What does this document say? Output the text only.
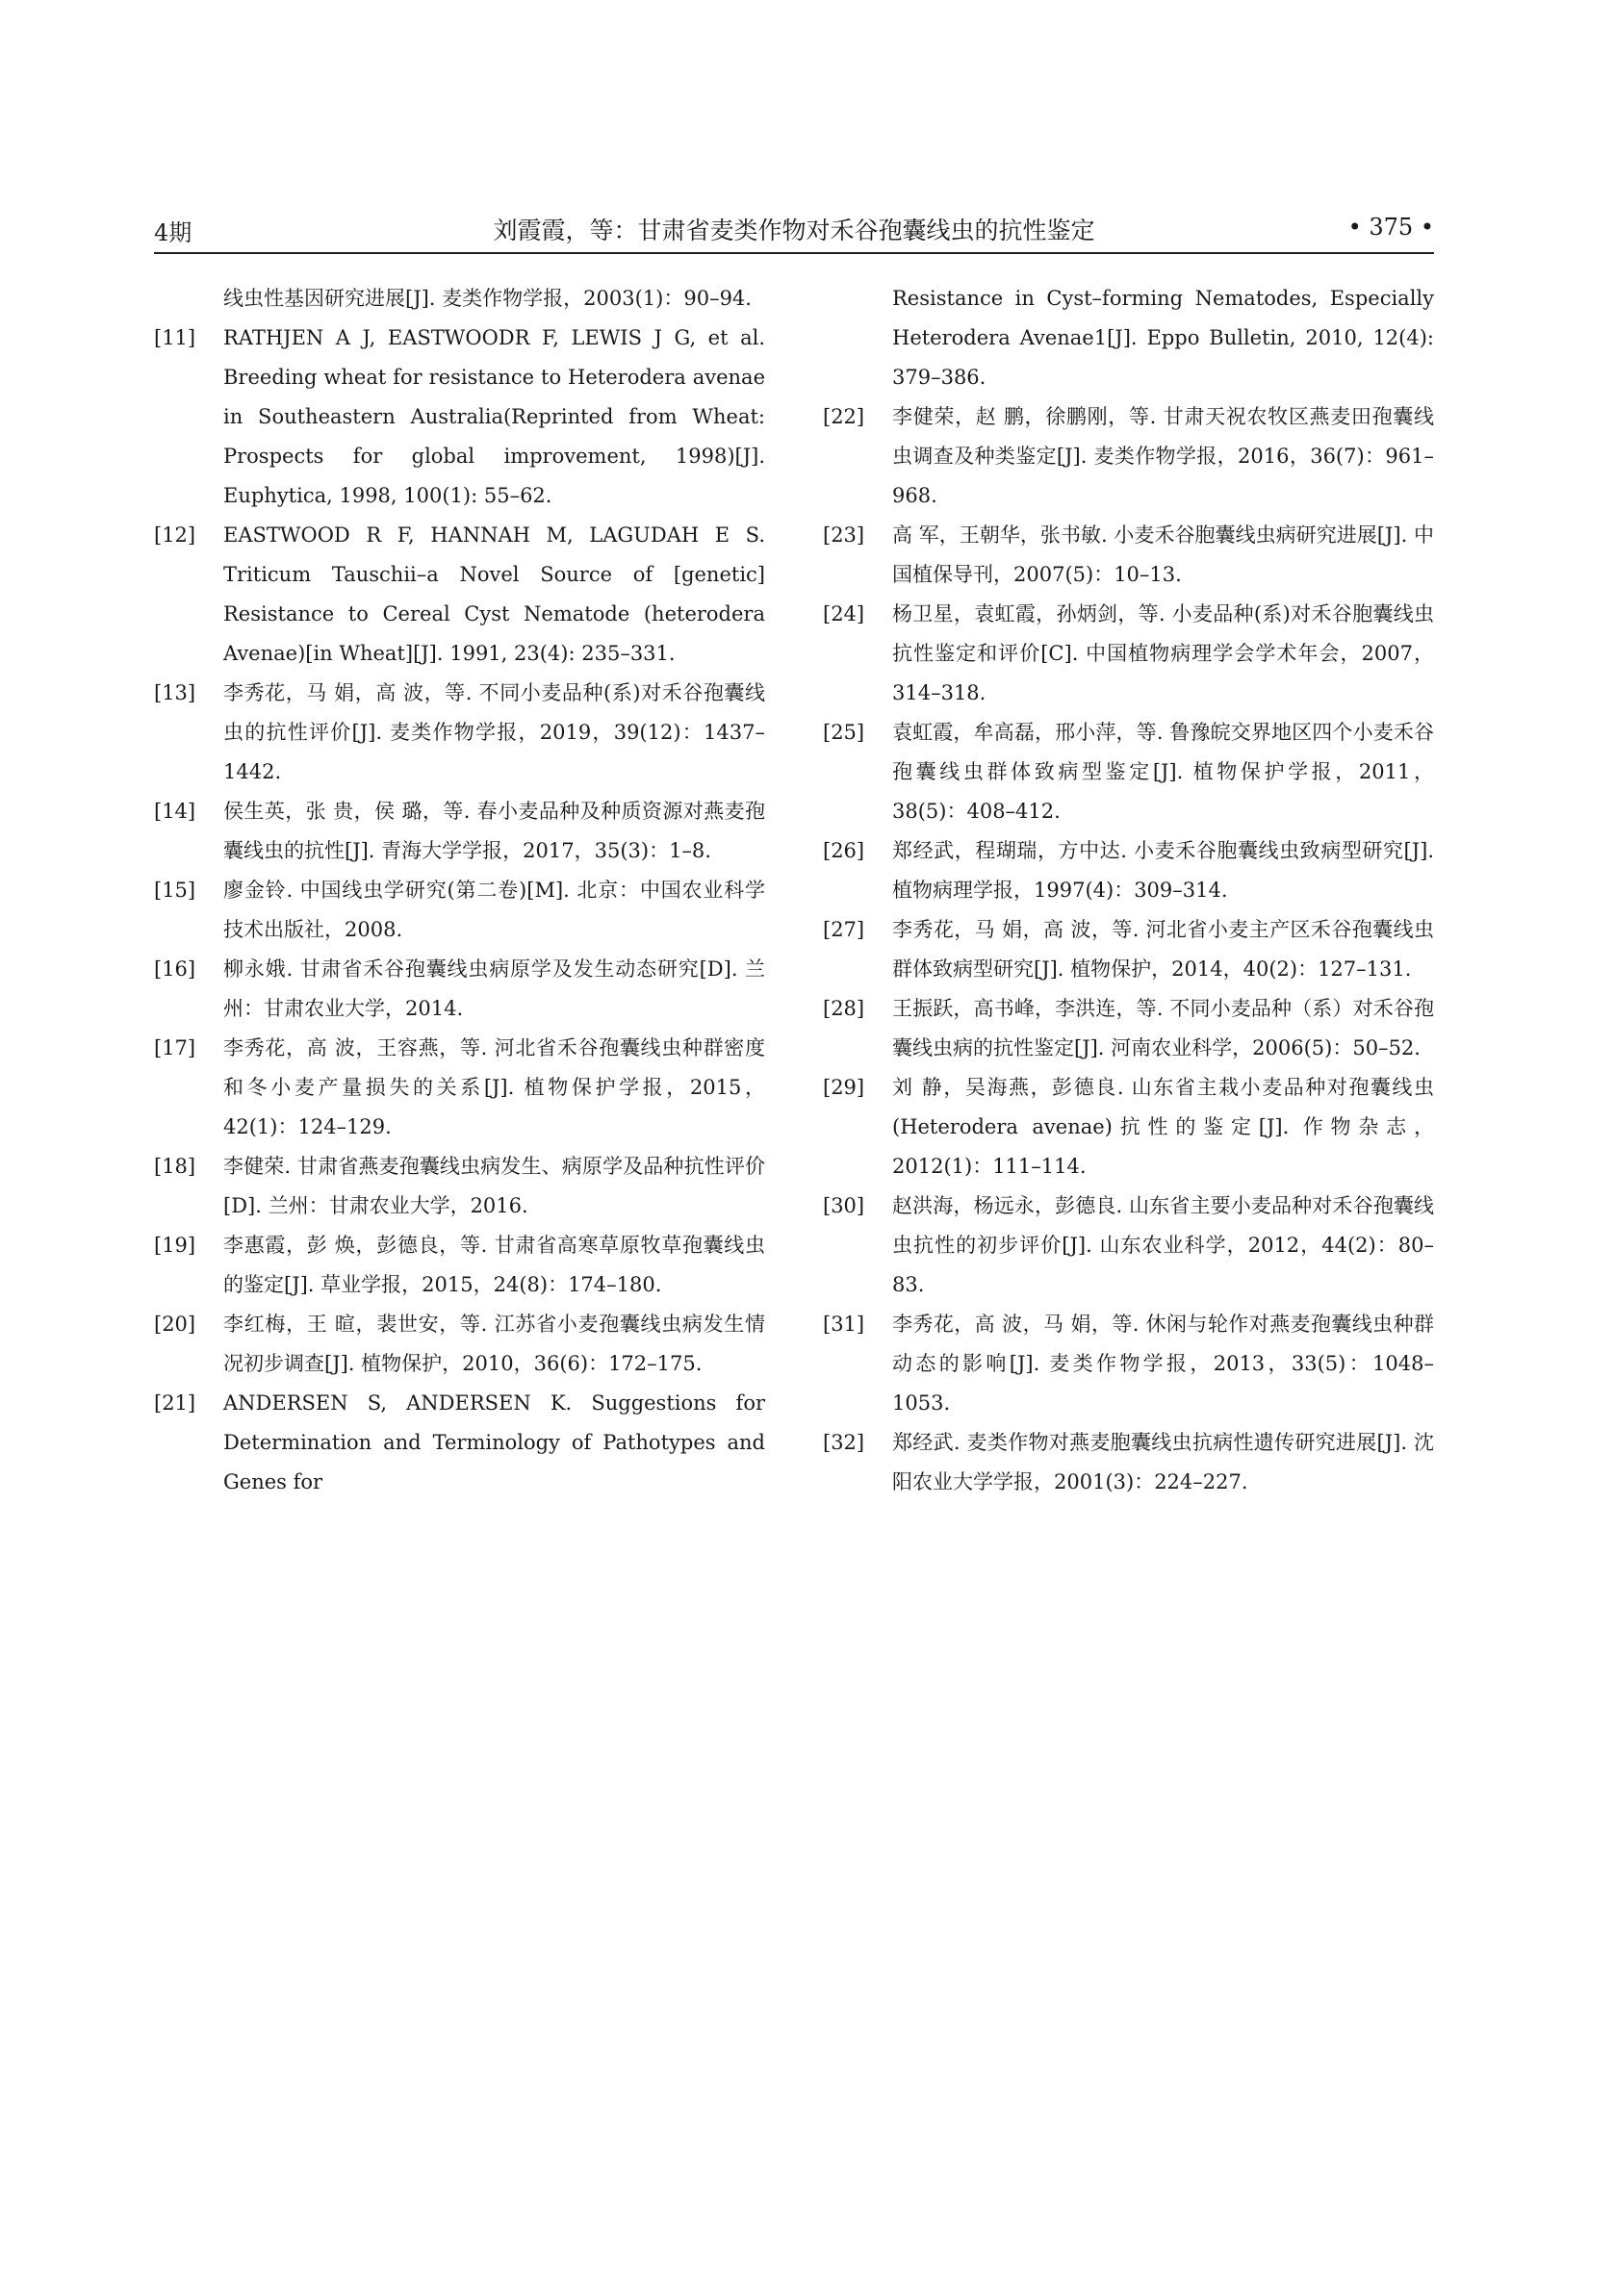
4期	刘霞霞，等：甘肃省麦类作物对禾谷孢囊线虫的抗性鉴定	• 375 •
线虫性基因研究进展[J]. 麦类作物学报，2003(1)：90–94.
[11]	RATHJEN A J, EASTWOODR F, LEWIS J G, et al. Breeding wheat for resistance to Heterodera avenae in Southeastern Australia(Reprinted from Wheat: Prospects for global improvement, 1998)[J]. Euphytica, 1998, 100(1): 55–62.
[12]	EASTWOOD R F, HANNAH M, LAGUDAH E S. Triticum Tauschii–a Novel Source of [genetic] Resistance to Cereal Cyst Nematode (heterodera Avenae)[in Wheat][J]. 1991, 23(4): 235–331.
[13]	李秀花，马 娟，高 波，等. 不同小麦品种(系)对禾谷孢囊线虫的抗性评价[J]. 麦类作物学报，2019，39(12)：1437–1442.
[14]	侯生英，张 贵，侯 璐，等. 春小麦品种及种质资源对燕麦孢囊线虫的抗性[J]. 青海大学学报，2017，35(3)：1–8.
[15]	廖金铃. 中国线虫学研究(第二卷)[M]. 北京：中国农业科学技术出版社，2008.
[16]	柳永娥. 甘肃省禾谷孢囊线虫病原学及发生动态研究[D]. 兰州：甘肃农业大学，2014.
[17]	李秀花，高 波，王容燕，等. 河北省禾谷孢囊线虫种群密度和冬小麦产量损失的关系[J]. 植物保护学报，2015，42(1)：124–129.
[18]	李健荣. 甘肃省燕麦孢囊线虫病发生、病原学及品种抗性评价[D]. 兰州：甘肃农业大学，2016.
[19]	李惠霞，彭 焕，彭德良，等. 甘肃省高寒草原牧草孢囊线虫的鉴定[J]. 草业学报，2015，24(8)：174–180.
[20]	李红梅，王 暄，裴世安，等. 江苏省小麦孢囊线虫病发生情况初步调查[J]. 植物保护，2010，36(6)：172–175.
[21]	ANDERSEN S, ANDERSEN K. Suggestions for Determination and Terminology of Pathotypes and Genes for
Resistance in Cyst–forming Nematodes, Especially Heterodera Avenae1[J]. Eppo Bulletin, 2010, 12(4): 379–386.
[22]	李健荣，赵 鹏，徐鹏刚，等. 甘肃天祝农牧区燕麦田孢囊线虫调查及种类鉴定[J]. 麦类作物学报，2016，36(7)：961–968.
[23]	高 军，王朝华，张书敏. 小麦禾谷胞囊线虫病研究进展[J]. 中国植保导刊，2007(5)：10–13.
[24]	杨卫星，袁虹霞，孙炳剑，等. 小麦品种(系)对禾谷胞囊线虫抗性鉴定和评价[C]. 中国植物病理学会学术年会，2007，314–318.
[25]	袁虹霞，牟高磊，邢小萍，等. 鲁豫皖交界地区四个小麦禾谷孢囊线虫群体致病型鉴定[J]. 植物保护学报，2011，38(5)：408–412.
[26]	郑经武，程瑚瑞，方中达. 小麦禾谷胞囊线虫致病型研究[J]. 植物病理学报，1997(4)：309–314.
[27]	李秀花，马 娟，高 波，等. 河北省小麦主产区禾谷孢囊线虫群体致病型研究[J]. 植物保护，2014，40(2)：127–131.
[28]	王振跃，高书峰，李洪连，等. 不同小麦品种（系）对禾谷孢囊线虫病的抗性鉴定[J]. 河南农业科学，2006(5)：50–52.
[29]	刘 静，吴海燕，彭德良. 山东省主栽小麦品种对孢囊线虫(Heterodera avenae)抗性的鉴定[J]. 作物杂志，2012(1)：111–114.
[30]	赵洪海，杨远永，彭德良. 山东省主要小麦品种对禾谷孢囊线虫抗性的初步评价[J]. 山东农业科学，2012，44(2)：80–83.
[31]	李秀花，高 波，马 娟，等. 休闲与轮作对燕麦孢囊线虫种群动态的影响[J]. 麦类作物学报，2013，33(5)：1048–1053.
[32]	郑经武. 麦类作物对燕麦胞囊线虫抗病性遗传研究进展[J]. 沈阳农业大学学报，2001(3)：224–227.
